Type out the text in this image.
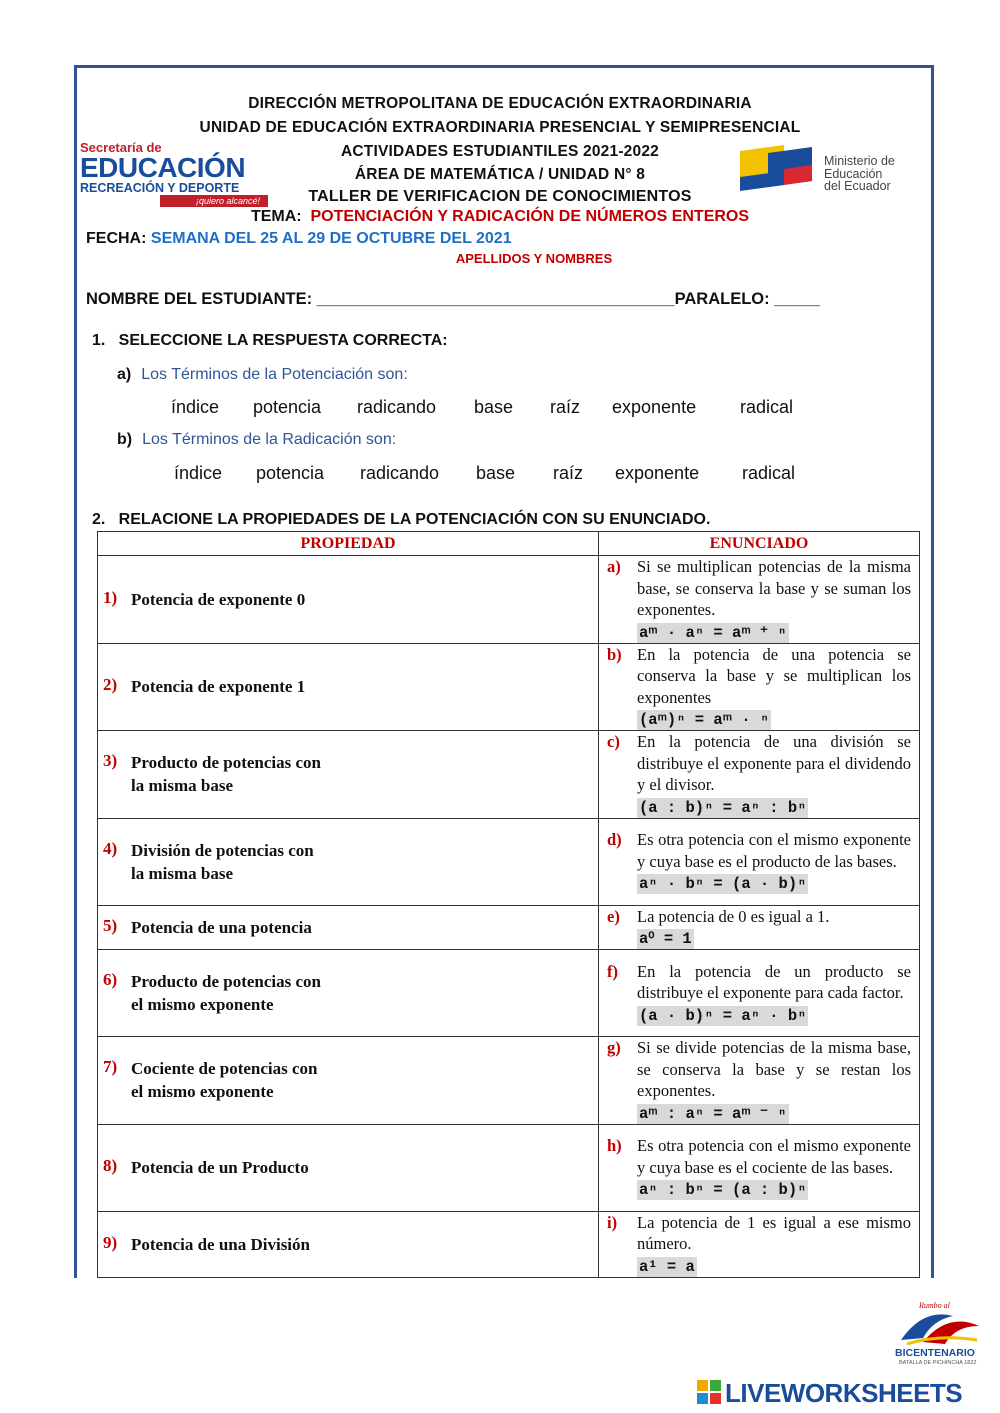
DIRECCIÓN METROPOLITANA DE EDUCACIÓN EXTRAORDINARIA
UNIDAD DE EDUCACIÓN EXTRAORDINARIA PRESENCIAL Y SEMIPRESENCIAL
ACTIVIDADES ESTUDIANTILES 2021-2022
ÁREA DE MATEMÁTICA / UNIDAD N° 8
TALLER DE VERIFICACION DE CONOCIMIENTOS
Secretaría de
EDUCACIÓN
RECREACIÓN Y DEPORTE
¡quiero alcancé!
Ministerio de
Educación
del Ecuador
TEMA: POTENCIACIÓN Y RADICACIÓN DE NÚMEROS ENTEROS
FECHA: SEMANA DEL 25 AL 29 DE OCTUBRE DEL 2021
APELLIDOS Y NOMBRES
NOMBRE DEL ESTUDIANTE: _______________________________________PARALELO: _____
1.   SELECCIONE LA RESPUESTA CORRECTA:
a) Los Términos de la Potenciación son:
índice potencia radicando base raíz exponente radical
b) Los Términos de la Radicación son:
índice potencia radicando base raíz exponente radical
2.   RELACIONE LA PROPIEDADES DE LA POTENCIACIÓN CON SU ENUNCIADO.
PROPIEDAD	ENUNCIADO
1) Potencia de exponente 0	a) Si se multiplican potencias de la misma base, se conserva la base y se suman los exponentes.
aᵐ · aⁿ = aᵐ ⁺ ⁿ

2) Potencia de exponente 1	b) En la potencia de una potencia se conserva la base y se multiplican los exponentes
(aᵐ)ⁿ = aᵐ · ⁿ

3) Producto de potencias con
la misma base	c) En la potencia de una división se distribuye el exponente para el dividendo y el divisor.
(a : b)ⁿ = aⁿ : bⁿ

4) División de potencias con
la misma base	d) Es otra potencia con el mismo exponente y cuya base es el producto de las bases.
aⁿ · bⁿ = (a · b)ⁿ

5) Potencia de una potencia	e) La potencia de 0 es igual a 1.
a⁰ = 1

6) Producto de potencias con
el mismo exponente	f) En la potencia de un producto se distribuye el exponente para cada factor.
(a · b)ⁿ = aⁿ · bⁿ

7) Cociente de potencias con
el mismo exponente	g) Si se divide potencias de la misma base, se conserva la base y se restan los exponentes.
aᵐ : aⁿ = aᵐ ⁻ ⁿ

8) Potencia de un Producto	h) Es otra potencia con el mismo exponente y cuya base es el cociente de las bases.
aⁿ : bⁿ = (a : b)ⁿ

9) Potencia de una División	i) La potencia de 1 es igual a ese mismo número.
a¹ = a
Rumbo al
BICENTENARIO
BATALLA DE PICHINCHA 1822
LIVEWORKSHEETS
